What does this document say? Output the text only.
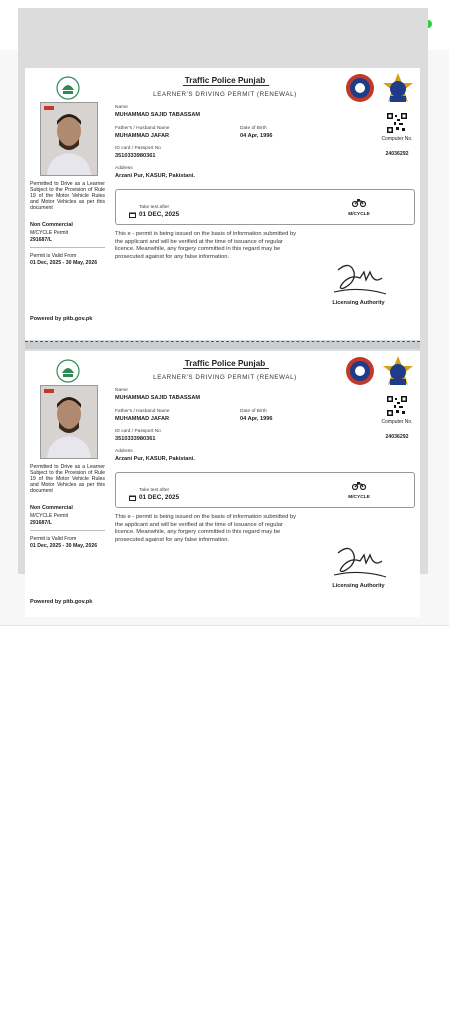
Permitted to Drive as a Learner Subject to the Provision of Rule 19 of the Motor Vehicle Rules and Motor Vehicles as per this document
Non Commercial
M/CYCLE Permit
291687/L
Permit is Valid From
01 Dec, 2025 - 30 May, 2026
Powered by pitb.gov.pk
Traffic Police Punjab
LEARNER'S DRIVING PERMIT (RENEWAL)
Name
MUHAMMAD SAJID TABASSAM
Father's / Husband Name
MUHAMMAD JAFAR
Date of Birth
04 Apr, 1996
ID card / Passport No
3510333980361
Address
Arzani Pur, KASUR, Pakistani.
Computer No.
24036292
Take test after
01 DEC, 2025	M/CYCLE
This e - permit is being issued on the basis of information submitted by the applicant and will be verified at the time of issuance of regular licence. Meanwhile, any forgery committed in this regard may be prosecuted against for any false information.
Licensing Authority
Permitted to Drive as a Learner Subject to the Provision of Rule 19 of the Motor Vehicle Rules and Motor Vehicles as per this document
Non Commercial
M/CYCLE Permit
291687/L
Permit is Valid From
01 Dec, 2025 - 30 May, 2026
Powered by pitb.gov.pk
Traffic Police Punjab
LEARNER'S DRIVING PERMIT (RENEWAL)
Name
MUHAMMAD SAJID TABASSAM
Father's / Husband Name
MUHAMMAD JAFAR
Date of Birth
04 Apr, 1996
ID card / Passport No
3510333980361
Address
Arzani Pur, KASUR, Pakistani.
Computer No.
24036292
Take test after
01 DEC, 2025	M/CYCLE
This e - permit is being issued on the basis of information submitted by the applicant and will be verified at the time of issuance of regular licence. Meanwhile, any forgery committed in this regard may be prosecuted against for any false information.
Licensing Authority
